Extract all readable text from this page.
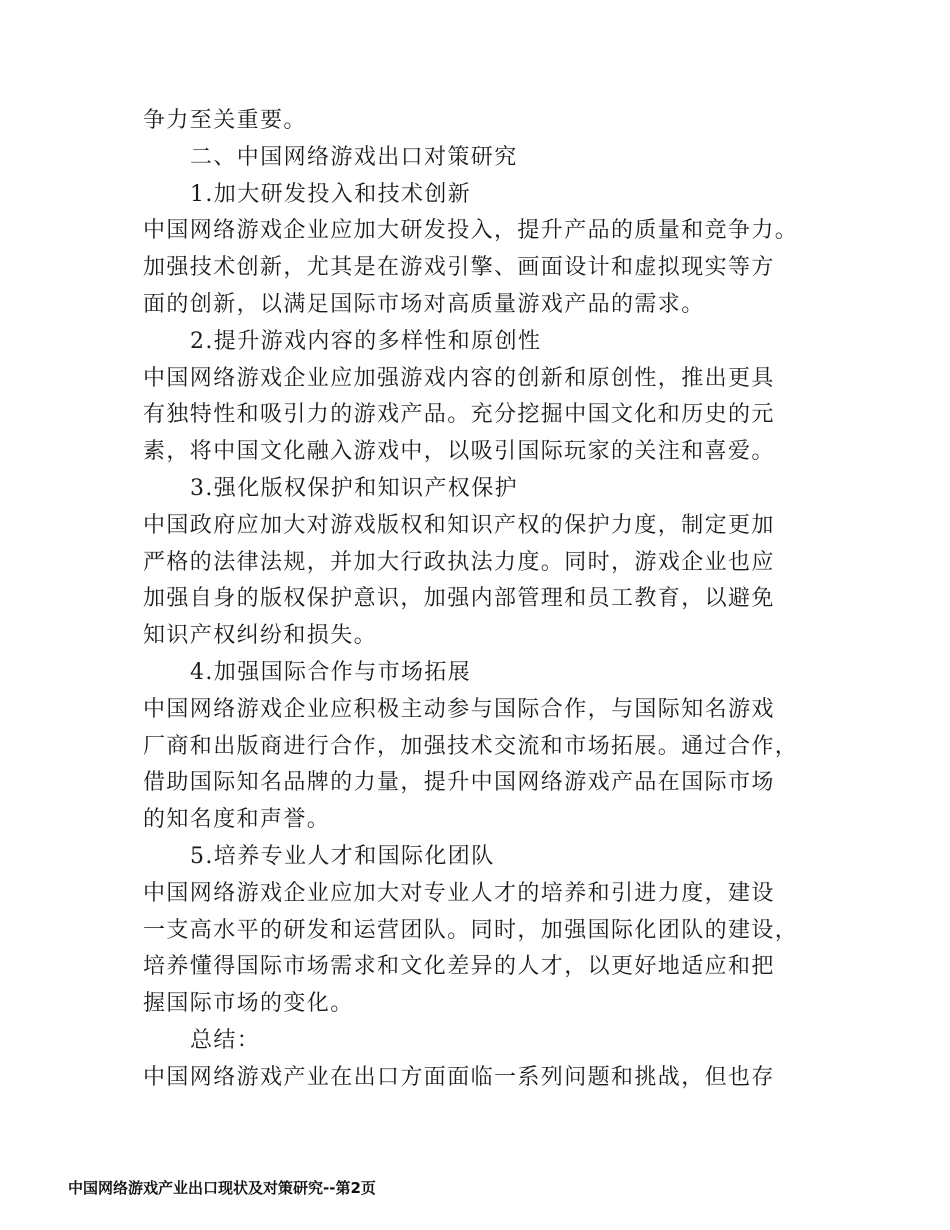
争力至关重要。
二、中国网络游戏出口对策研究
1.加大研发投入和技术创新
中国网络游戏企业应加大研发投入，提升产品的质量和竞争力。
加强技术创新，尤其是在游戏引擎、画面设计和虚拟现实等方
面的创新，以满足国际市场对高质量游戏产品的需求。
2.提升游戏内容的多样性和原创性
中国网络游戏企业应加强游戏内容的创新和原创性，推出更具
有独特性和吸引力的游戏产品。充分挖掘中国文化和历史的元
素，将中国文化融入游戏中，以吸引国际玩家的关注和喜爱。
3.强化版权保护和知识产权保护
中国政府应加大对游戏版权和知识产权的保护力度，制定更加
严格的法律法规，并加大行政执法力度。同时，游戏企业也应
加强自身的版权保护意识，加强内部管理和员工教育，以避免
知识产权纠纷和损失。
4.加强国际合作与市场拓展
中国网络游戏企业应积极主动参与国际合作，与国际知名游戏
厂商和出版商进行合作，加强技术交流和市场拓展。通过合作，
借助国际知名品牌的力量，提升中国网络游戏产品在国际市场
的知名度和声誉。
5.培养专业人才和国际化团队
中国网络游戏企业应加大对专业人才的培养和引进力度，建设
一支高水平的研发和运营团队。同时，加强国际化团队的建设，
培养懂得国际市场需求和文化差异的人才，以更好地适应和把
握国际市场的变化。
总结：
中国网络游戏产业在出口方面面临一系列问题和挑战，但也存
中国网络游戏产业出口现状及对策研究--第2页
